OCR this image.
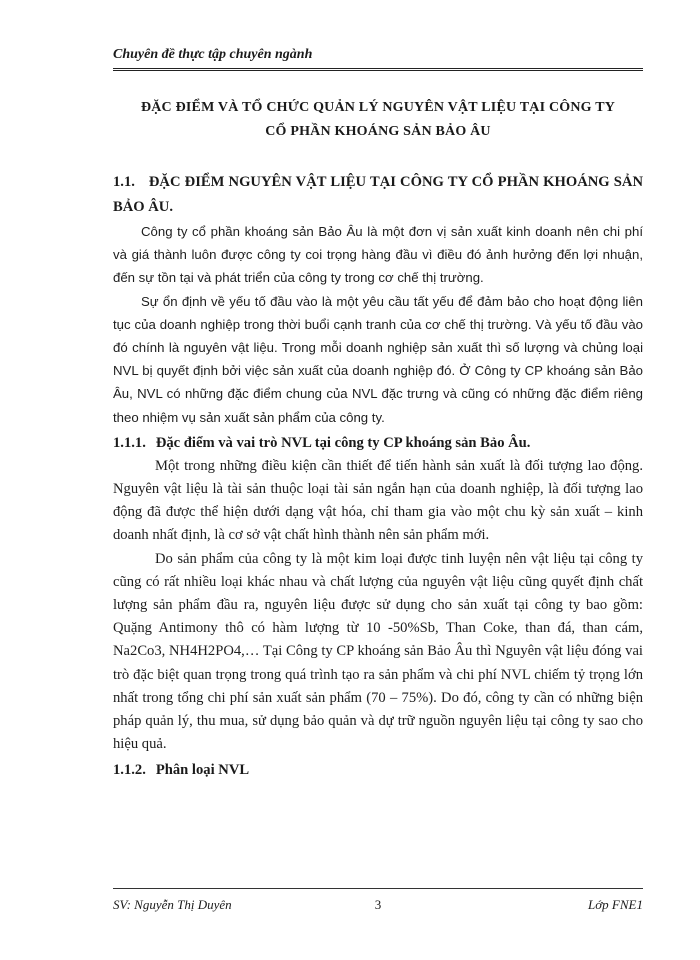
Chuyên đề thực tập chuyên ngành
ĐẶC ĐIỂM VÀ TỔ CHỨC QUẢN LÝ NGUYÊN VẬT LIỆU TẠI CÔNG TY
CỔ PHẦN KHOÁNG SẢN BẢO ÂU

1.1. ĐẶC ĐIỂM NGUYÊN VẬT LIỆU TẠI CÔNG TY CỔ PHẦN KHOÁNG SẢN BẢO ÂU.

Công ty cổ phần khoáng sản Bảo Âu là một đơn vị sản xuất kinh doanh nên chi phí và giá thành luôn được công ty coi trọng hàng đầu vì điều đó ảnh hưởng đến lợi nhuận, đến sự tồn tại và phát triển của công ty trong cơ chế thị trường.

Sự ổn định về yếu tố đầu vào là một yêu cầu tất yếu để đảm bảo cho hoạt động liên tục của doanh nghiệp trong thời buổi cạnh tranh của cơ chế thị trường. Và yếu tố đầu vào đó chính là nguyên vật liệu. Trong mỗi doanh nghiệp sản xuất thì số lượng và chủng loại NVL bị quyết định bởi việc sản xuất của doanh nghiệp đó. Ở Công ty CP khoáng sản Bảo Âu, NVL có những đặc điểm chung của NVL đặc trưng và cũng có những đặc điểm riêng theo nhiệm vụ sản xuất sản phẩm của công ty.

1.1.1. Đặc điểm và vai trò NVL tại công ty CP khoáng sản Bảo Âu.

Một trong những điều kiện cần thiết để tiến hành sản xuất là đối tượng lao động. Nguyên vật liệu là tài sản thuộc loại tài sản ngắn hạn của doanh nghiệp, là đối tượng lao động đã được thể hiện dưới dạng vật hóa, chỉ tham gia vào một chu kỳ sản xuất – kinh doanh nhất định, là cơ sở vật chất hình thành nên sản phẩm mới.

Do sản phẩm của công ty là một kim loại được tinh luyện nên vật liệu tại công ty cũng có rất nhiều loại khác nhau và chất lượng của nguyên vật liệu cũng quyết định chất lượng sản phẩm đầu ra, nguyên liệu được sử dụng cho sản xuất tại công ty bao gồm: Quặng Antimony thô có hàm lượng từ 10 -50%Sb, Than Coke, than đá, than cám, Na2Co3, NH4H2PO4,… Tại Công ty CP khoáng sản Bảo Âu thì Nguyên vật liệu đóng vai trò đặc biệt quan trọng trong quá trình tạo ra sản phẩm và chi phí NVL chiếm tỷ trọng lớn nhất trong tổng chi phí sản xuất sản phẩm (70 – 75%). Do đó, công ty cần có những biện pháp quản lý, thu mua, sử dụng bảo quản và dự trữ nguồn nguyên liệu tại công ty sao cho hiệu quả.

1.1.2. Phân loại NVL

SV: Nguyễn Thị Duyên	3	Lớp FNE1
